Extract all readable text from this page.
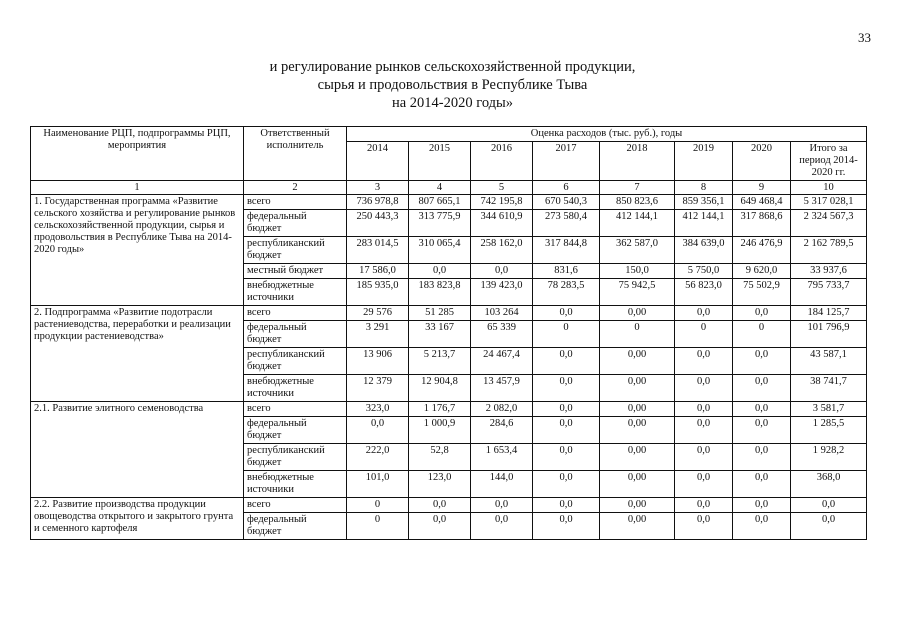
33
и регулирование рынков сельскохозяйственной продукции,
сырья и продовольствия в Республике Тыва
на 2014-2020 годы»
Наименование РЦП, подпрограммы РЦП, мероприятия	Ответственный исполнитель	Оценка расходов (тыс. руб.), годы							
		2014	2015	2016	2017	2018	2019	2020	Итого за период 2014-2020 гг.
1	2	3	4	5	6	7	8	9	10
1. Государственная программа «Развитие сельского хозяйства и регулирование рынков сельскохозяйственной продукции, сырья и продовольствия в Республике Тыва на 2014-2020 годы»	всего	736 978,8	807 665,1	742 195,8	670 540,3	850 823,6	859 356,1	649 468,4	5 317 028,1
	федеральный бюджет	250 443,3	313 775,9	344 610,9	273 580,4	412 144,1	412 144,1	317 868,6	2 324 567,3
	республиканский бюджет	283 014,5	310 065,4	258 162,0	317 844,8	362 587,0	384 639,0	246 476,9	2 162 789,5
	местный бюджет	17 586,0	0,0	0,0	831,6	150,0	5 750,0	9 620,0	33 937,6
	внебюджетные источники	185 935,0	183 823,8	139 423,0	78 283,5	75 942,5	56 823,0	75 502,9	795 733,7
2. Подпрограмма «Развитие подотрасли растениеводства, переработки и реализации продукции растениеводства»	всего	29 576	51 285	103 264	0,0	0,00	0,0	0,0	184 125,7
	федеральный бюджет	3 291	33 167	65 339	0	0	0	0	101 796,9
	республиканский бюджет	13 906	5 213,7	24 467,4	0,0	0,00	0,0	0,0	43 587,1
	внебюджетные источники	12 379	12 904,8	13 457,9	0,0	0,00	0,0	0,0	38 741,7
2.1. Развитие элитного семеноводства	всего	323,0	1 176,7	2 082,0	0,0	0,00	0,0	0,0	3 581,7
	федеральный бюджет	0,0	1 000,9	284,6	0,0	0,00	0,0	0,0	1 285,5
	республиканский бюджет	222,0	52,8	1 653,4	0,0	0,00	0,0	0,0	1 928,2
	внебюджетные источники	101,0	123,0	144,0	0,0	0,00	0,0	0,0	368,0
2.2. Развитие производства продукции овощеводства открытого и закрытого грунта и семенного картофеля	всего	0	0,0	0,0	0,0	0,00	0,0	0,0	0,0
	федеральный бюджет	0	0,0	0,0	0,0	0,00	0,0	0,0	0,0
